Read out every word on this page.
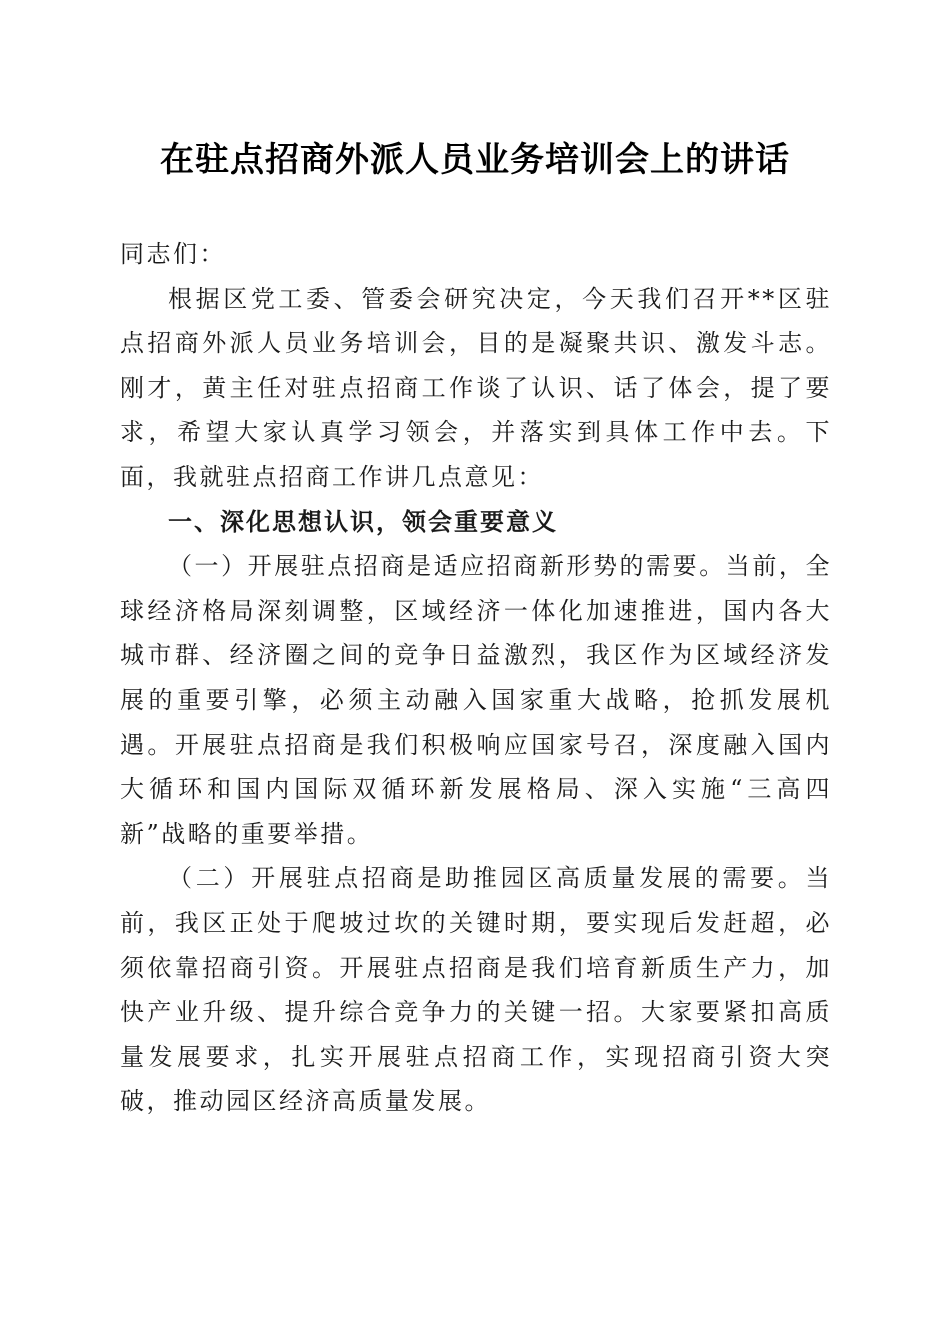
在驻点招商外派人员业务培训会上的讲话

同志们：

根据区党工委、管委会研究决定，今天我们召开**区驻点招商外派人员业务培训会，目的是凝聚共识、激发斗志。刚才，黄主任对驻点招商工作谈了认识、话了体会，提了要求，希望大家认真学习领会，并落实到具体工作中去。下面，我就驻点招商工作讲几点意见：

一、深化思想认识，领会重要意义

（一）开展驻点招商是适应招商新形势的需要。当前，全球经济格局深刻调整，区域经济一体化加速推进，国内各大城市群、经济圈之间的竞争日益激烈，我区作为区域经济发展的重要引擎，必须主动融入国家重大战略，抢抓发展机遇。开展驻点招商是我们积极响应国家号召，深度融入国内大循环和国内国际双循环新发展格局、深入实施“三高四新”战略的重要举措。

（二）开展驻点招商是助推园区高质量发展的需要。当前，我区正处于爬坡过坎的关键时期，要实现后发赶超，必须依靠招商引资。开展驻点招商是我们培育新质生产力，加快产业升级、提升综合竞争力的关键一招。大家要紧扣高质量发展要求，扎实开展驻点招商工作，实现招商引资大突破，推动园区经济高质量发展。
